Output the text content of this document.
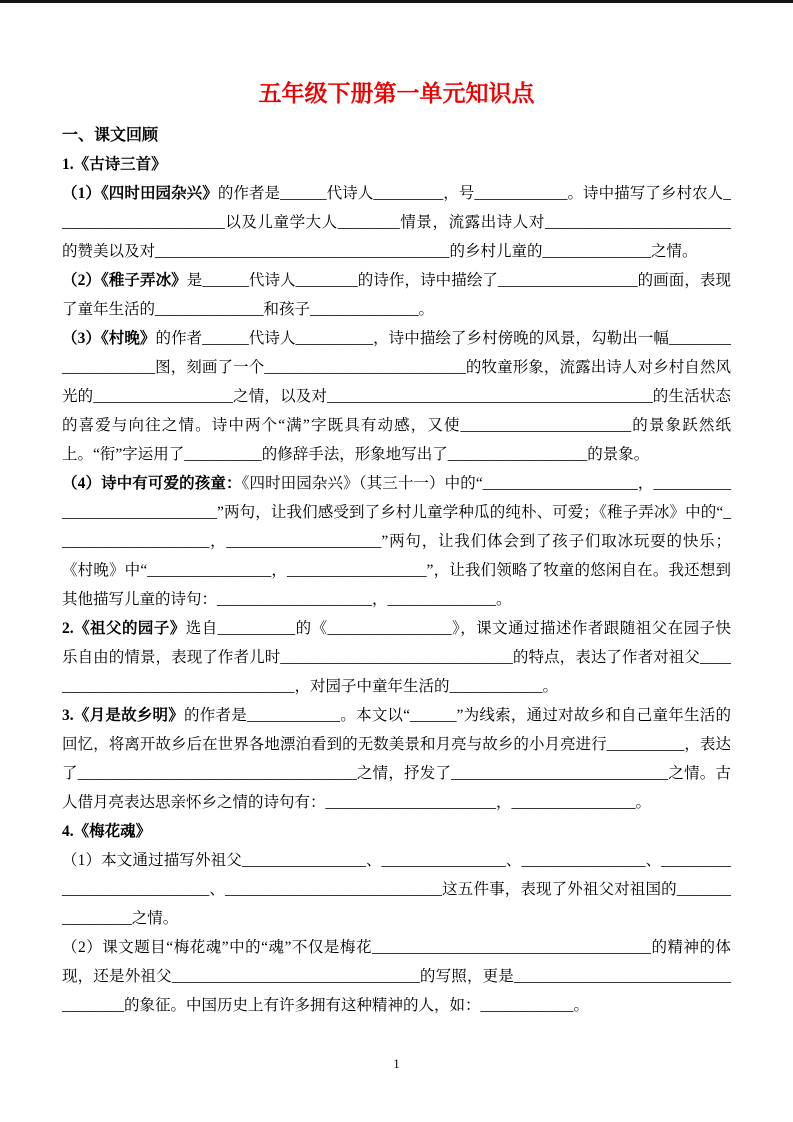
五年级下册第一单元知识点
一、课文回顾

1.《古诗三首》

（1）《四时田园杂兴》的作者是______代诗人_________，号____________。诗中描写了乡村农人______________________以及儿童学大人________情景，流露出诗人对________________________的赞美以及对______________________________________的乡村儿童的______________之情。

（2）《稚子弄冰》是______代诗人________的诗作，诗中描绘了__________________的画面，表现了童年生活的______________和孩子______________。

（3）《村晚》的作者______代诗人__________，诗中描绘了乡村傍晚的风景，勾勒出一幅____________________图，刻画了一个__________________________的牧童形象，流露出诗人对乡村自然风光的__________________之情，以及对__________________________________________的生活状态的喜爱与向往之情。诗中两个“满”字既具有动感，又使______________________的景象跃然纸上。“衔”字运用了__________的修辞手法，形象地写出了__________________的景象。

（4）诗中有可爱的孩童：《四时田园杂兴》（其三十一）中的“____________________，______________________________”两句，让我们感受到了乡村儿童学种瓜的纯朴、可爱；《稚子弄冰》中的“____________________，____________________”两句，让我们体会到了孩子们取冰玩耍的快乐；《村晚》中“________________，__________________”，让我们领略了牧童的悠闲自在。我还想到其他描写儿童的诗句：____________________，______________。

2.《祖父的园子》选自__________的《________________》，课文通过描述作者跟随祖父在园子快乐自由的情景，表现了作者儿时______________________________的特点，表达了作者对祖父__________________________________，对园子中童年生活的____________。

3.《月是故乡明》的作者是____________。本文以“______”为线索，通过对故乡和自己童年生活的回忆，将离开故乡后在世界各地漂泊看到的无数美景和月亮与故乡的小月亮进行__________，表达了____________________________________之情，抒发了____________________________之情。古人借月亮表达思亲怀乡之情的诗句有：______________________，________________。

4.《梅花魂》

（1）本文通过描写外祖父________________、________________、________________、____________________________、____________________________这五件事，表现了外祖父对祖国的________________之情。

（2）课文题目“梅花魂”中的“魂”不仅是梅花____________________________________的精神的体现，还是外祖父________________________________的写照，更是____________________________________的象征。中国历史上有许多拥有这种精神的人，如：____________。

1
